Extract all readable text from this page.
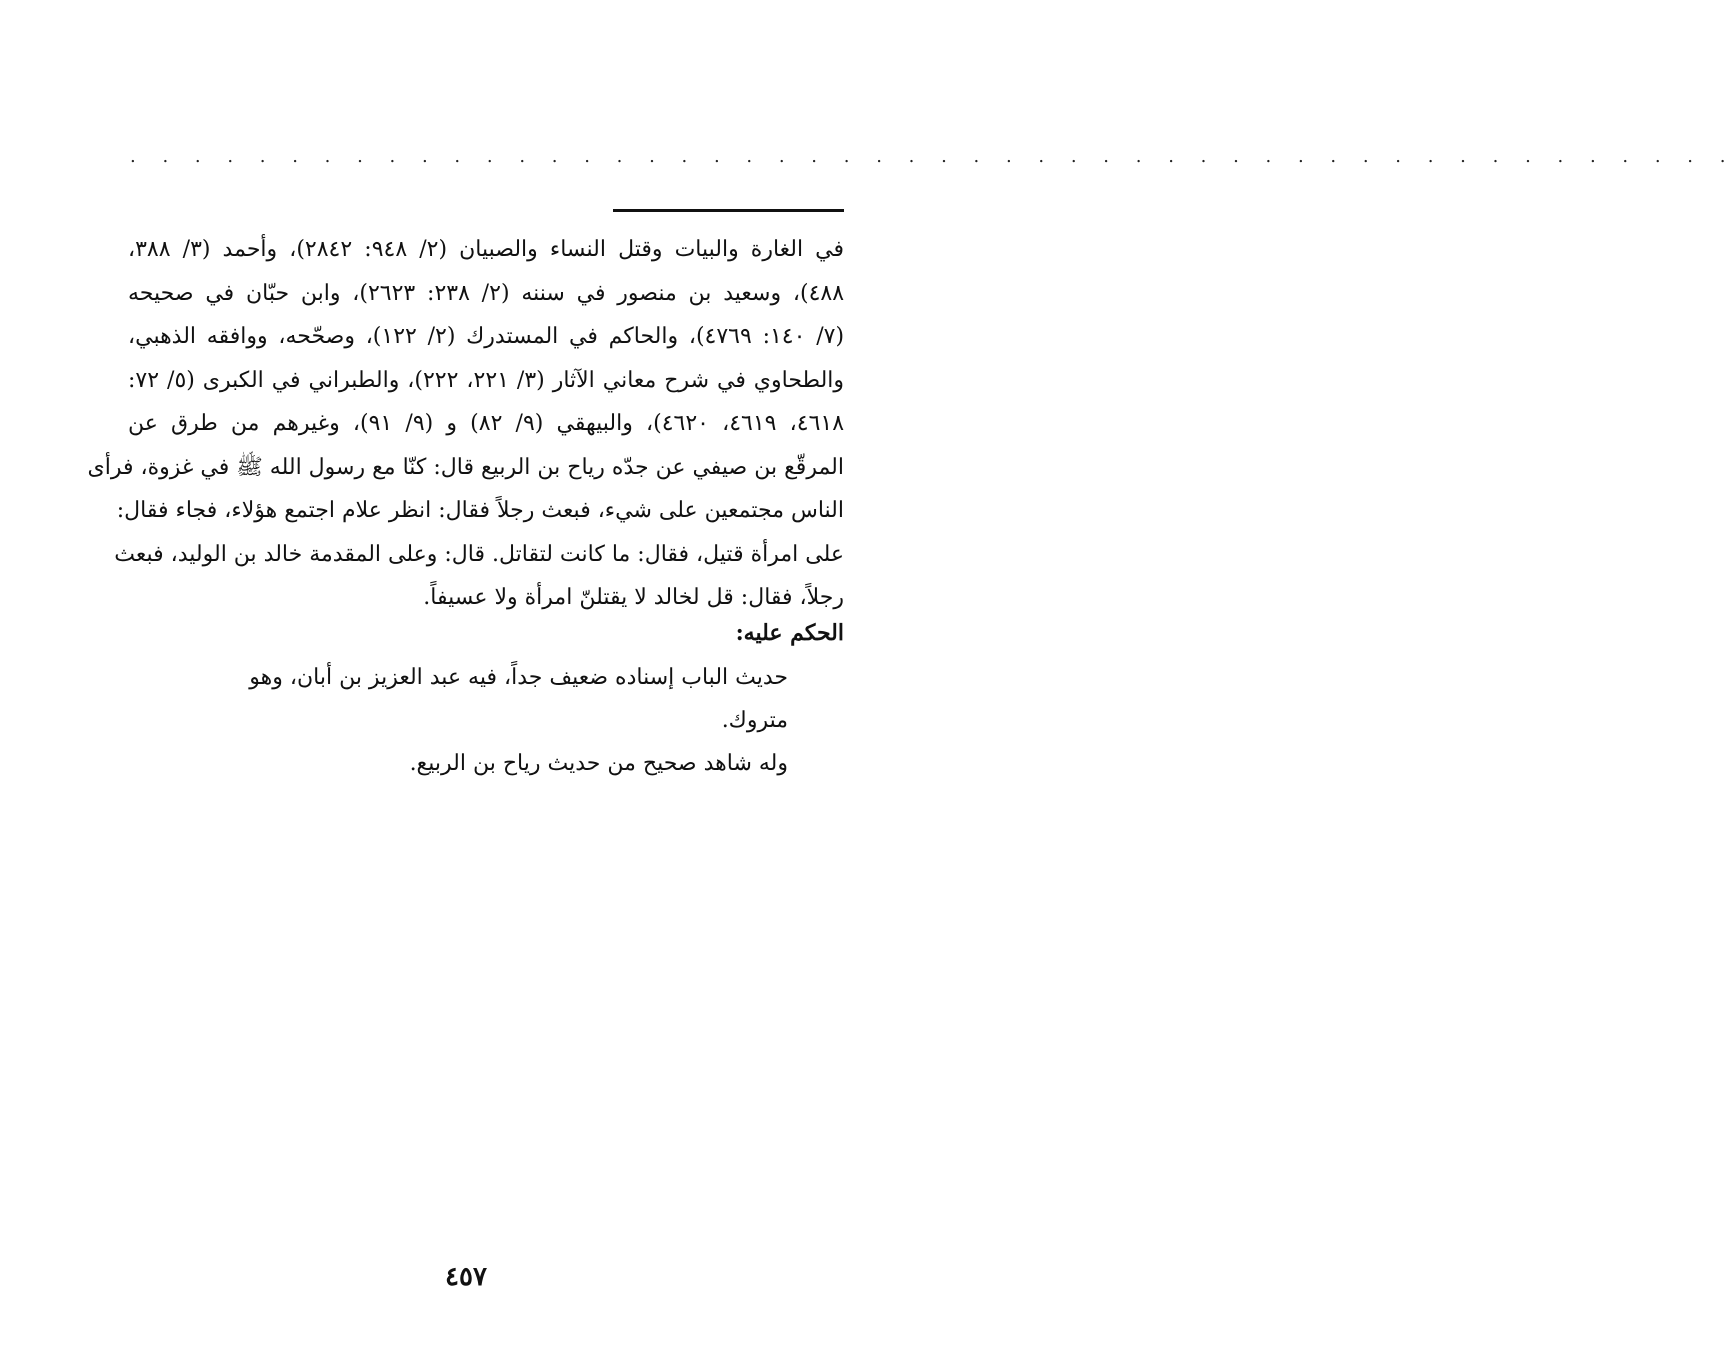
. . . . . . . . . . . . . . . . . . . . . . . . . . . . . . . . . . . . . . . . . . . . . . . . . .
في الغارة والبيات وقتل النساء والصبيان (٢/ ٩٤٨: ٢٨٤٢)، وأحمد (٣/ ٣٨٨،
٤٨٨)، وسعيد بن منصور في سننه (٢/ ٢٣٨: ٢٦٢٣)، وابن حبّان في صحيحه
(٧/ ١٤٠: ٤٧٦٩)، والحاكم في المستدرك (٢/ ١٢٢)، وصحّحه، ووافقه الذهبي،
والطحاوي في شرح معاني الآثار (٣/ ٢٢١، ٢٢٢)، والطبراني في الكبرى (٥/ ٧٢:
٤٦١٨، ٤٦١٩، ٤٦٢٠)، والبيهقي (٩/ ٨٢) و (٩/ ٩١)، وغيرهم من طرق عن
المرقّع بن صيفي عن جدّه رياح بن الربيع قال: كنّا مع رسول الله ﷺ في غزوة، فرأى
الناس مجتمعين على شيء، فبعث رجلاً فقال: انظر علام اجتمع هؤلاء، فجاء فقال:
على امرأة قتيل، فقال: ما كانت لتقاتل. قال: وعلى المقدمة خالد بن الوليد، فبعث
رجلاً، فقال: قل لخالد لا يقتلنّ امرأة ولا عسيفاً.
الحكم عليه:
حديث الباب إسناده ضعيف جداً، فيه عبد العزيز بن أبان، وهو متروك.
وله شاهد صحيح من حديث رياح بن الربيع.
٤٥٧
